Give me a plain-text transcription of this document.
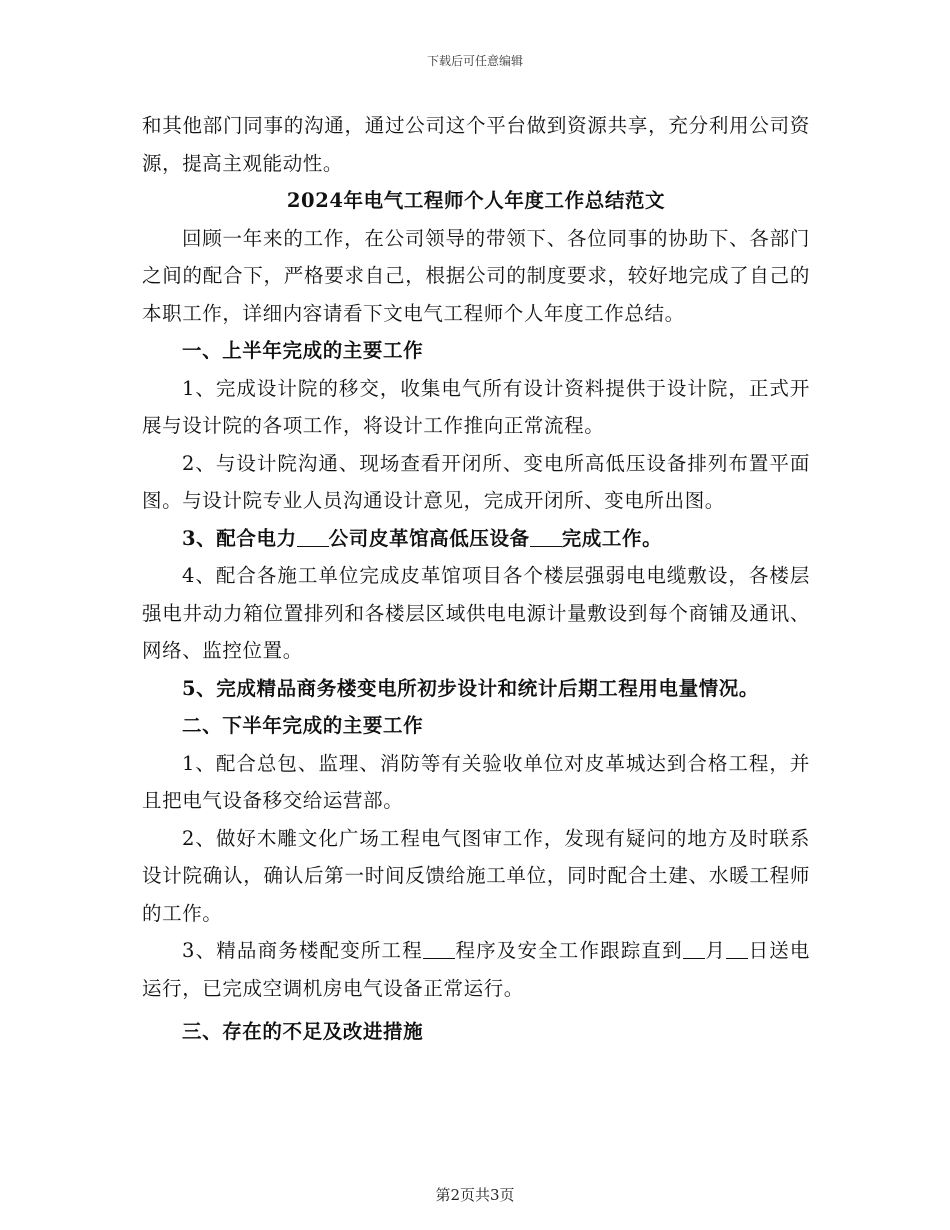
下载后可任意编辑

和其他部门同事的沟通，通过公司这个平台做到资源共享，充分利用公司资源，提高主观能动性。

2024年电气工程师个人年度工作总结范文

回顾一年来的工作，在公司领导的带领下、各位同事的协助下、各部门之间的配合下，严格要求自己，根据公司的制度要求，较好地完成了自己的本职工作，详细内容请看下文电气工程师个人年度工作总结。

一、上半年完成的主要工作

1、完成设计院的移交，收集电气所有设计资料提供于设计院，正式开展与设计院的各项工作，将设计工作推向正常流程。

2、与设计院沟通、现场查看开闭所、变电所高低压设备排列布置平面图。与设计院专业人员沟通设计意见，完成开闭所、变电所出图。

3、配合电力 公司皮革馆高低压设备 完成工作。

4、配合各施工单位完成皮革馆项目各个楼层强弱电电缆敷设，各楼层强电井动力箱位置排列和各楼层区域供电电源计量敷设到每个商铺及通讯、网络、监控位置。

5、完成精品商务楼变电所初步设计和统计后期工程用电量情况。

二、下半年完成的主要工作

1、配合总包、监理、消防等有关验收单位对皮革城达到合格工程，并且把电气设备移交给运营部。

2、做好木雕文化广场工程电气图审工作，发现有疑问的地方及时联系设计院确认，确认后第一时间反馈给施工单位，同时配合土建、水暖工程师的工作。

3、精品商务楼配变所工程 程序及安全工作跟踪直到 月 日送电运行，已完成空调机房电气设备正常运行。

三、存在的不足及改进措施

第2页共3页
